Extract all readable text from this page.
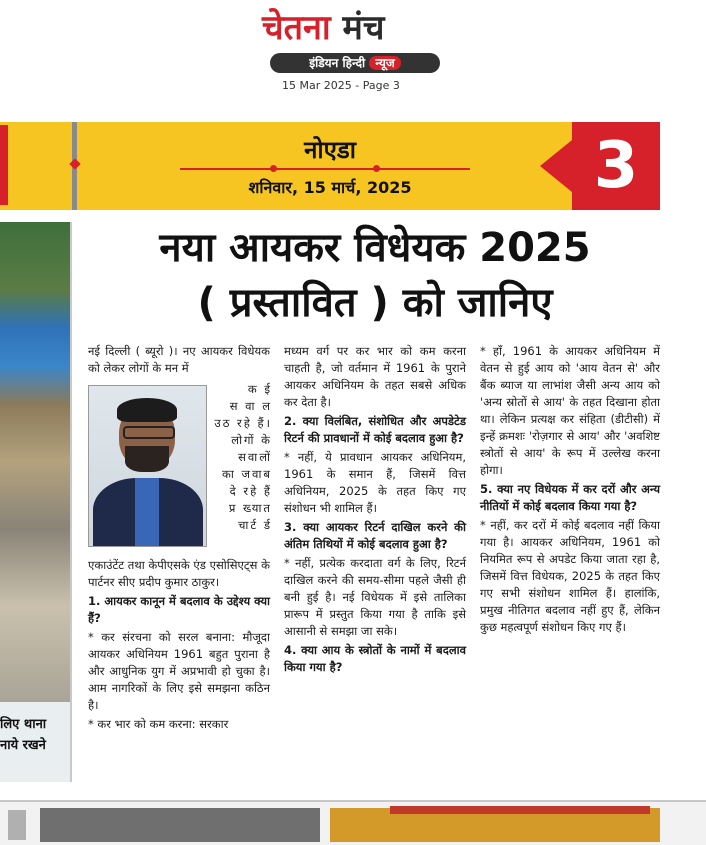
चेतना मंच
इंडियन हिन्दी न्यूज
15 Mar 2025 - Page 3
नोएडा
शनिवार, 15 मार्च, 2025	3
लिए थाना
नाये रखने
नया आयकर विधेयक 2025
( प्रस्तावित ) को जानिए

नई दिल्ली ( ब्यूरो )। नए आयकर विधेयक को लेकर लोगों के मन में

क ई
स वा ल
उठ रहे हैं।
लोगों के
सवालों
का जवाब
दे रहे हैं
प्र ख्यात
चार्ट र्ड

एकाउंटेंट तथा केपीएसके एंड एसोसिएट्स के पार्टनर सीए प्रदीप कुमार ठाकुर।

1. आयकर कानून में बदलाव के उद्देश्य क्या हैं?

* कर संरचना को सरल बनाना: मौजूदा आयकर अधिनियम 1961 बहुत पुराना है और आधुनिक युग में अप्रभावी हो चुका है। आम नागरिकों के लिए इसे समझना कठिन है।

* कर भार को कम करना: सरकार

मध्यम वर्ग पर कर भार को कम करना चाहती है, जो वर्तमान में 1961 के पुराने आयकर अधिनियम के तहत सबसे अधिक कर देता है।

2. क्या विलंबित, संशोधित और अपडेटेड रिटर्न की प्रावधानों में कोई बदलाव हुआ है?

* नहीं, ये प्रावधान आयकर अधिनियम, 1961 के समान हैं, जिसमें वित्त अधिनियम, 2025 के तहत किए गए संशोधन भी शामिल हैं।

3. क्या आयकर रिटर्न दाखिल करने की अंतिम तिथियों में कोई बदलाव हुआ है?

* नहीं, प्रत्येक करदाता वर्ग के लिए, रिटर्न दाखिल करने की समय-सीमा पहले जैसी ही बनी हुई है। नई विधेयक में इसे तालिका प्रारूप में प्रस्तुत किया गया है ताकि इसे आसानी से समझा जा सके।

4. क्या आय के स्त्रोतों के नामों में बदलाव किया गया है?

* हाँ, 1961 के आयकर अधिनियम में वेतन से हुई आय को 'आय वेतन से' और बैंक ब्याज या लाभांश जैसी अन्य आय को 'अन्य स्रोतों से आय' के तहत दिखाना होता था। लेकिन प्रत्यक्ष कर संहिता (डीटीसी) में इन्हें क्रमशः 'रोज़गार से आय' और 'अवशिष्ट स्त्रोतों से आय' के रूप में उल्लेख करना होगा।

5. क्या नए विधेयक में कर दरों और अन्य नीतियों में कोई बदलाव किया गया है?

* नहीं, कर दरों में कोई बदलाव नहीं किया गया है। आयकर अधिनियम, 1961 को नियमित रूप से अपडेट किया जाता रहा है, जिसमें वित्त विधेयक, 2025 के तहत किए गए सभी संशोधन शामिल हैं। हालांकि, प्रमुख नीतिगत बदलाव नहीं हुए हैं, लेकिन कुछ महत्वपूर्ण संशोधन किए गए हैं।
